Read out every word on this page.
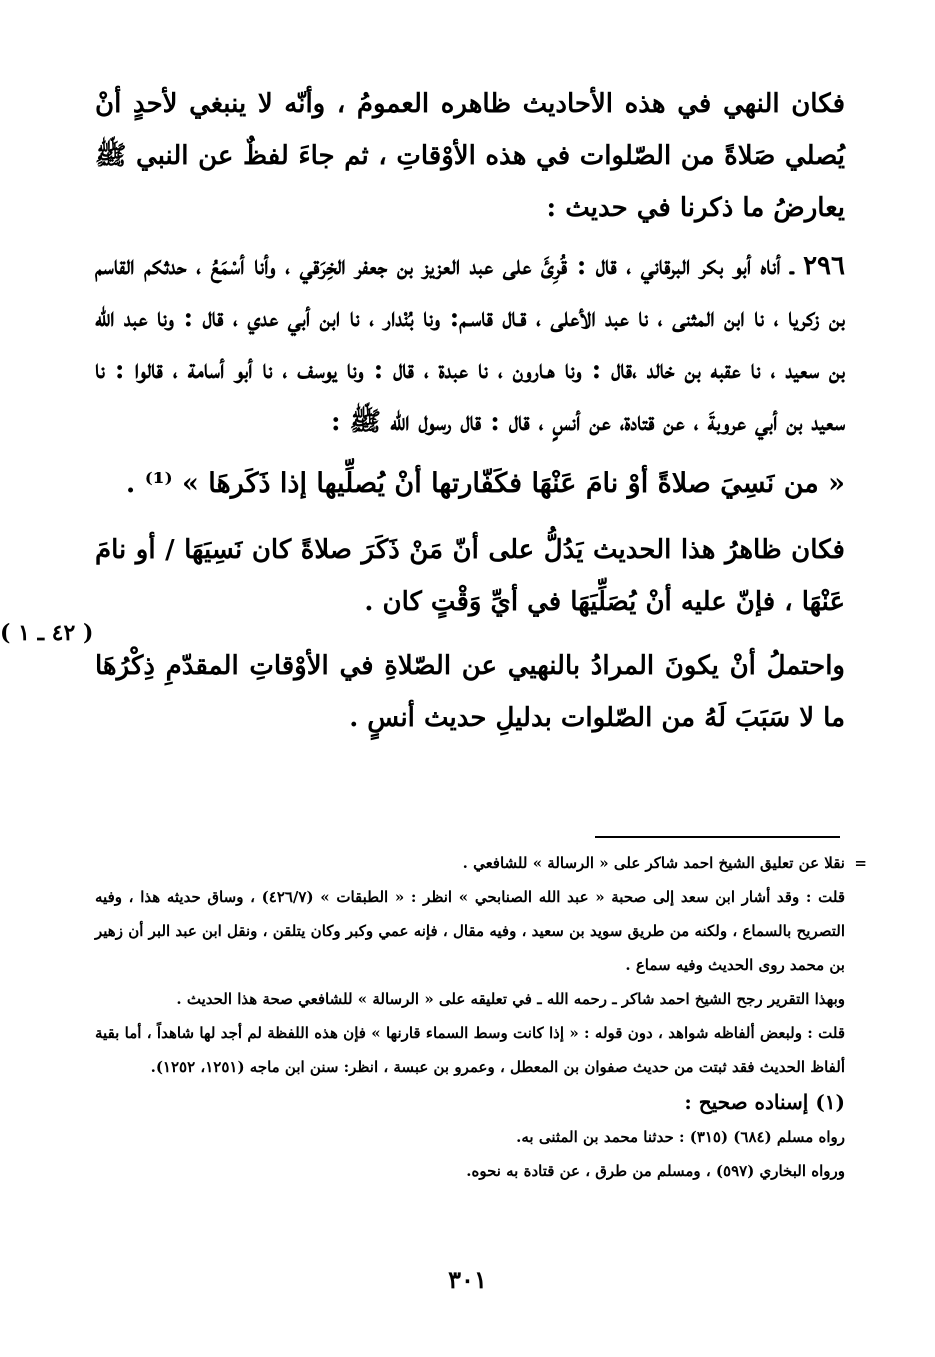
فكان النهي في هذه الأحاديث ظاهره العمومُ ، وأنّه لا ينبغي لأحدٍ أنْ يُصلي صَلاةً من الصّلوات في هذه الأوْقاتِ ، ثم جاءَ لفظٌ عن النبي ﷺ يعارضُ ما ذكرنا في حديث :

٢٩٦ ـ أناه أبو بكر البرقاني ، قال : قُرِئَ على عبد العزيز بن جعفر الخِرَقي ، وأنا أسْمَعُ ، حدثكم القاسم بن زكريا ، نا ابن المثنى ، نا عبد الأعلى ، قـال قاسـم: ونا بُنْدار ، نا ابن أبي عدي ، قال : ونا عبد الله بن سعيد ، نا عقبه بن خالد ،قال : ونا هـارون ، نا عبدة ، قال : ونا يوسف ، نا أبو أسامة ، قالوا : نا سعيد بن أبي عروبةَ ، عن قتادة، عن أنسٍ ، قال : قال رسول الله ﷺ :

« من نَسِيَ صلاةً أوْ نامَ عَنْهَا فكَفّارتها أنْ يُصلِّيها إذا ذَكَرهَا » ⁽¹⁾ .

فكان ظاهرُ هذا الحديث يَدُلُّ على أنّ مَنْ ذَكَرَ صلاةً كان نَسِيَهَا / أو نامَ عَنْهَا ، فإنّ عليه أنْ يُصَلِّيَهَا في أيِّ وَقْتٍ كان .

واحتملُ أنْ يكونَ المرادُ بالنهيي عن الصّلاةِ في الأوْقاتِ المقدّمِ ذِكْرُهَا ما لا سَبَبَ لَهُ من الصّلوات بدليلِ حديث أنسٍ .

( ٤٢ ـ ١ )

=
نقلا عن تعليق الشيخ احمد شاكر على « الرسالة » للشافعي .

قلت : وقد أشار ابن سعد إلى صحبة « عبد الله الصنابحي » انظر : « الطبقات » (٤٢٦/٧) ، وساق حديثه هذا ، وفيه التصريح بالسماع ، ولكنه من طريق سويد بن سعيد ، وفيه مقال ، فإنه عمي وكبر وكان يتلقن ، ونقل ابن عبد البر أن زهير بن محمد روى الحديث وفيه سماع .

وبهذا التقرير رجح الشيخ احمد شاكر ـ رحمه الله ـ في تعليقه على « الرسالة » للشافعي صحة هذا الحديث .

قلت : ولبعض ألفاظه شواهد ، دون قوله : « إذا كانت وسط السماء قارنها » فإن هذه اللفظة لم أجد لها شاهداً ، أما بقية ألفاظ الحديث فقد ثبتت من حديث صفوان بن المعطل ، وعمرو بن عبسة ، انظر: سنن ابن ماجه (١٢٥١، ١٢٥٢).

(١) إسناده صحيح :

رواه مسلم (٦٨٤) (٣١٥) : حدثنا محمد بن المثنى به.

ورواه البخاري (٥٩٧) ، ومسلم من طرق ، عن قتادة به نحوه.

٣٠١
